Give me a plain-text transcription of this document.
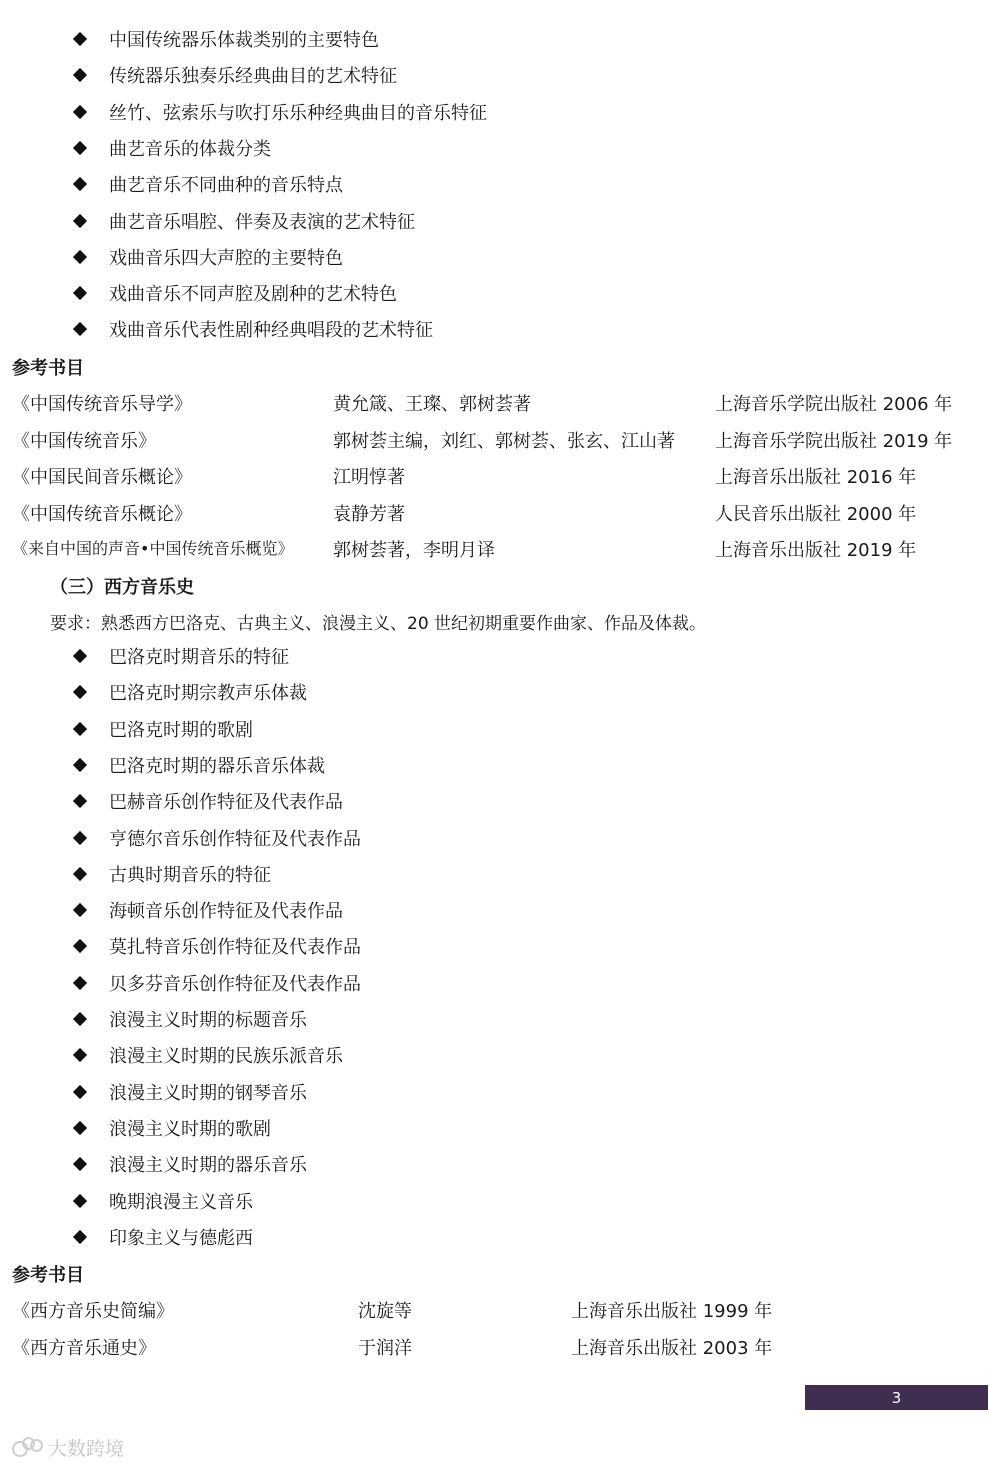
中国传统器乐体裁类别的主要特色
传统器乐独奏乐经典曲目的艺术特征
丝竹、弦索乐与吹打乐乐种经典曲目的音乐特征
曲艺音乐的体裁分类
曲艺音乐不同曲种的音乐特点
曲艺音乐唱腔、伴奏及表演的艺术特征
戏曲音乐四大声腔的主要特色
戏曲音乐不同声腔及剧种的艺术特色
戏曲音乐代表性剧种经典唱段的艺术特征
参考书目
《中国传统音乐导学》	黄允箴、王璨、郭树荟著	上海音乐学院出版社 2006 年
《中国传统音乐》	郭树荟主编，刘红、郭树荟、张玄、江山著 上海音乐学院出版社 2019 年
《中国民间音乐概论》	江明惇著	上海音乐出版社 2016 年
《中国传统音乐概论》	袁静芳著	人民音乐出版社 2000 年
《来自中国的声音•中国传统音乐概览》 郭树荟著，李明月译	上海音乐出版社 2019 年
（三）西方音乐史
要求：熟悉西方巴洛克、古典主义、浪漫主义、20 世纪初期重要作曲家、作品及体裁。
巴洛克时期音乐的特征
巴洛克时期宗教声乐体裁
巴洛克时期的歌剧
巴洛克时期的器乐音乐体裁
巴赫音乐创作特征及代表作品
亨德尔音乐创作特征及代表作品
古典时期音乐的特征
海顿音乐创作特征及代表作品
莫扎特音乐创作特征及代表作品
贝多芬音乐创作特征及代表作品
浪漫主义时期的标题音乐
浪漫主义时期的民族乐派音乐
浪漫主义时期的钢琴音乐
浪漫主义时期的歌剧
浪漫主义时期的器乐音乐
晚期浪漫主义音乐
印象主义与德彪西
参考书目
《西方音乐史简编》	沈旋等	上海音乐出版社 1999 年
《西方音乐通史》	于润洋	上海音乐出版社 2003 年
3
大数跨境
